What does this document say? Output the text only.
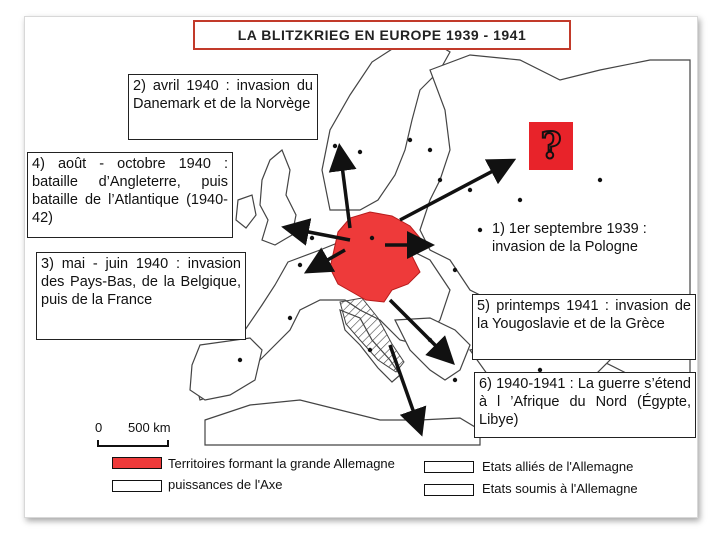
LA BLITZKRIEG EN EUROPE 1939 - 1941
2) avril 1940 : invasion du Danemark et de la Norvège
4) août - octobre 1940 : bataille d’Angleterre, puis bataille de l’Atlantique (1940-42)
3) mai - juin 1940 : invasion des Pays-Bas, de la Belgique, puis de la France
1) 1er septembre 1939 : invasion de la Pologne
5) printemps 1941 : invasion de la Yougoslavie et de la Grèce
6) 1940-1941 : La guerre s’étend à l ’Afrique du Nord (Égypte, Libye)
?
0 500 km
Territoires formant la grande Allemagne
puissances de l'Axe
Etats alliés de l'Allemagne
Etats soumis à l'Allemagne
